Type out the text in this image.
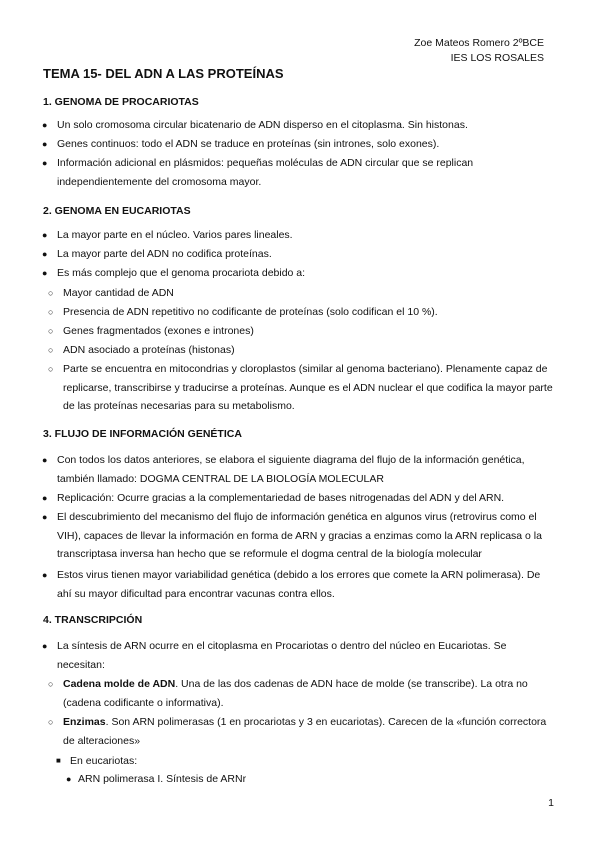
Zoe Mateos Romero 2ºBCE
IES LOS ROSALES
TEMA 15- DEL ADN A LAS PROTEÍNAS
1. GENOMA DE PROCARIOTAS
● Un solo cromosoma circular bicatenario de ADN disperso en el citoplasma. Sin histonas.
● Genes continuos: todo el ADN se traduce en proteínas (sin intrones, solo exones).
● Información adicional en plásmidos: pequeñas moléculas de ADN circular que se replican independientemente del cromosoma mayor.
2. GENOMA EN EUCARIOTAS
● La mayor parte en el núcleo. Varios pares lineales.
● La mayor parte del ADN no codifica proteínas.
● Es más complejo que el genoma procariota debido a:
○ Mayor cantidad de ADN
○ Presencia de ADN repetitivo no codificante de proteínas (solo codifican el 10 %).
○ Genes fragmentados (exones e intrones)
○ ADN asociado a proteínas (histonas)
○ Parte se encuentra en mitocondrias y cloroplastos (similar al genoma bacteriano). Plenamente capaz de replicarse, transcribirse y traducirse a proteínas. Aunque es el ADN nuclear el que codifica la mayor parte de las proteínas necesarias para su metabolismo.
3. FLUJO DE INFORMACIÓN GENÉTICA
● Con todos los datos anteriores, se elabora el siguiente diagrama del flujo de la información genética, también llamado: DOGMA CENTRAL DE LA BIOLOGÍA MOLECULAR
● Replicación: Ocurre gracias a la complementariedad de bases nitrogenadas del ADN y del ARN.
● El descubrimiento del mecanismo del flujo de información genética en algunos virus (retrovirus como el VIH), capaces de llevar la información en forma de ARN y gracias a enzimas como la ARN replicasa o la transcriptasa inversa han hecho que se reformule el dogma central de la biología molecular
● Estos virus tienen mayor variabilidad genética (debido a los errores que comete la ARN polimerasa). De ahí su mayor dificultad para encontrar vacunas contra ellos.
4. TRANSCRIPCIÓN
● La síntesis de ARN ocurre en el citoplasma en Procariotas o dentro del núcleo en Eucariotas. Se necesitan:
○ Cadena molde de ADN. Una de las dos cadenas de ADN hace de molde (se transcribe). La otra no (cadena codificante o informativa).
○ Enzimas. Son ARN polimerasas (1 en procariotas y 3 en eucariotas). Carecen de la «función correctora de alteraciones»
■ En eucariotas:
● ARN polimerasa I. Síntesis de ARNr
1
